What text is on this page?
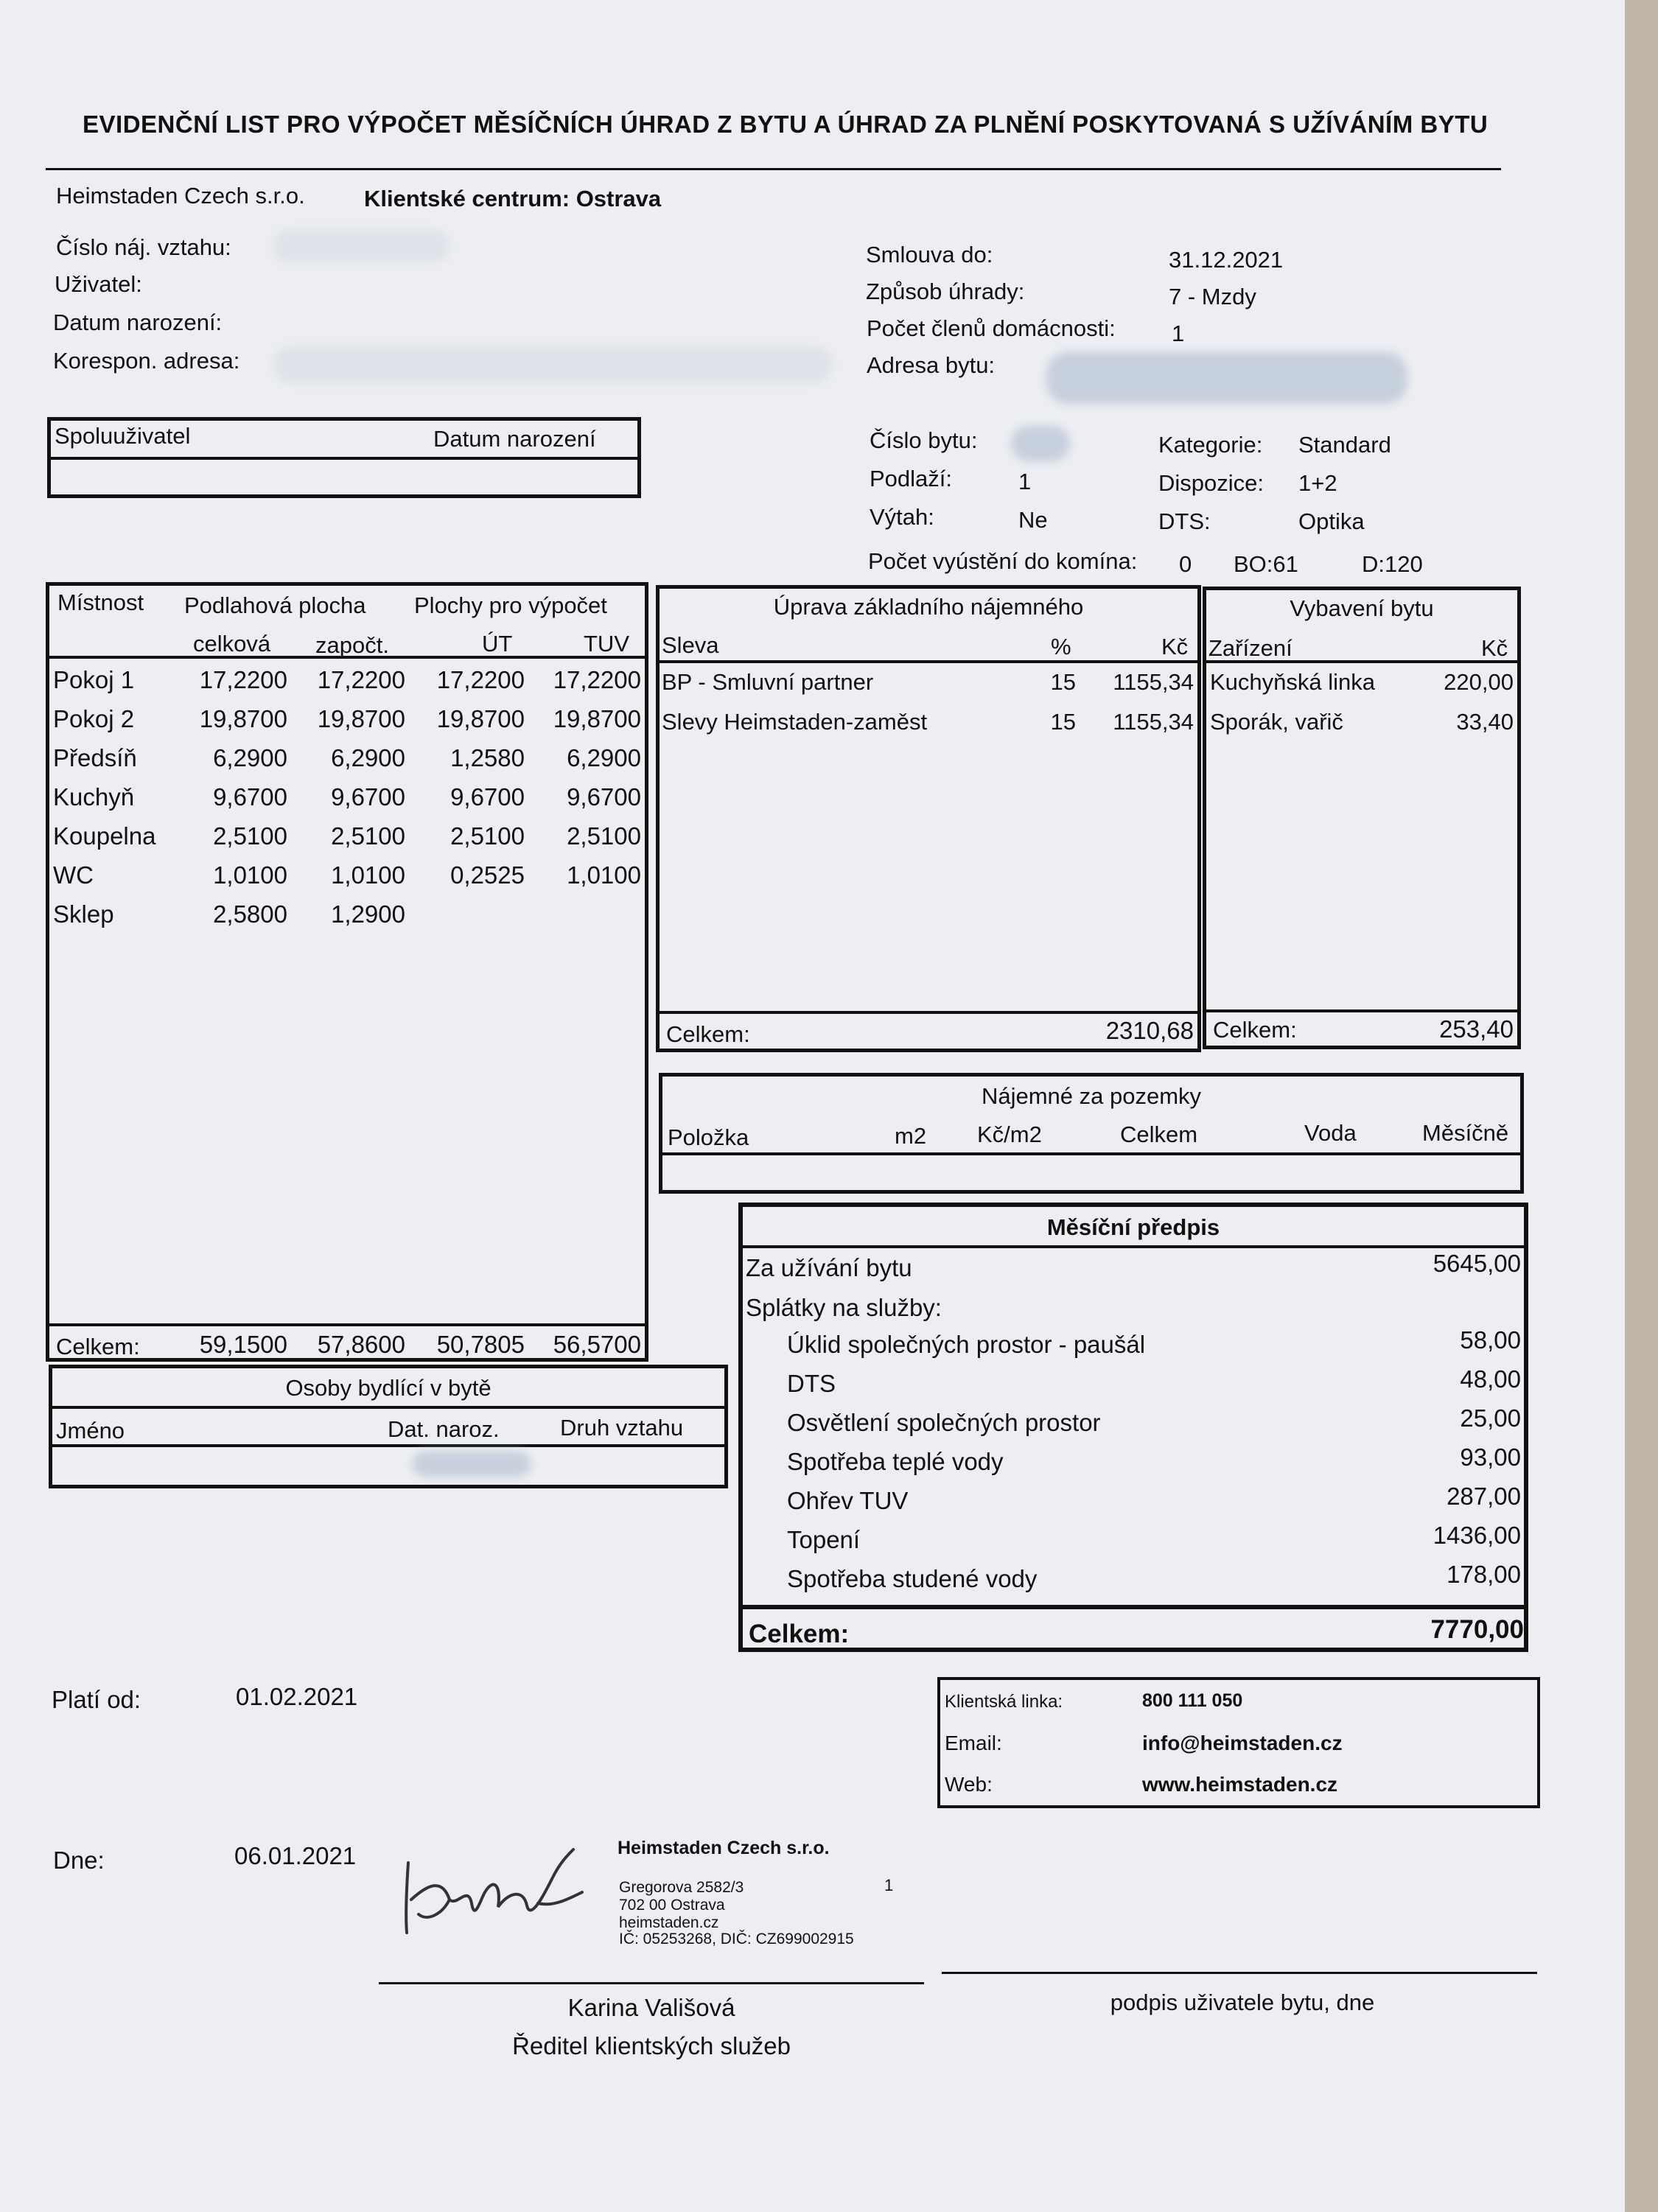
EVIDENČNÍ LIST PRO VÝPOČET MĚSÍČNÍCH ÚHRAD Z BYTU A ÚHRAD ZA PLNĚNÍ POSKYTOVANÁ S UŽÍVÁNÍM BYTU
Heimstaden Czech s.r.o.	Klientské centrum: Ostrava
Číslo náj. vztahu:
Uživatel:
Datum narození:
Korespon. adresa:
Smlouva do:	31.12.2021
Způsob úhrady:	7 - Mzdy
Počet členů domácnosti: 1
Adresa bytu:
Spoluuživatel	Datum narození	Číslo bytu:	Kategorie: Standard
Podlaží:	1	Dispozice: 1+2
Výtah:	Ne	DTS:	Optika
Počet vyústění do komína: 0 BO:61	D:120
Místnost Podlahová plocha Plochy pro výpočet
celková započt.	ÚT	TUV
Pokoj 1	17,2200	17,2200	17,2200	17,2200
Pokoj 2	19,8700	19,8700	19,8700	19,8700
Předsíň	6,2900	6,2900	1,2580	6,2900
Kuchyň	9,6700	9,6700	9,6700	9,6700
Koupelna	2,5100	2,5100	2,5100	2,5100
WC	1,0100	1,0100	0,2525	1,0100
Sklep	2,5800	1,2900
Celkem:	59,1500	57,8600	50,7805	56,5700
Úprava základního nájemného
Sleva	%	Kč
BP - Smluvní partner	15	1155,34
Slevy Heimstaden-zaměst	15	1155,34
Celkem:	2310,68
Vybavení bytu
Zařízení	Kč
Kuchyňská linka	220,00
Sporák, vařič	33,40
Celkem:	253,40
Nájemné za pozemky
Položka	m2 Kč/m2	Celkem	Voda	Měsíčně
Osoby bydlící v bytě
Jméno	Dat. naroz.	Druh vztahu
Měsíční předpis
Za užívání bytu	5645,00
Splátky na služby:
Úklid společných prostor - paušál	58,00
DTS	48,00
Osvětlení společných prostor	25,00
Spotřeba teplé vody	93,00
Ohřev TUV	287,00
Topení	1436,00
Spotřeba studené vody	178,00
Celkem:	7770,00
Platí od:	01.02.2021
Dne:	06.01.2021
Klientská linka:	800 111 050
Email:	info@heimstaden.cz
Web:	www.heimstaden.cz
Heimstaden Czech s.r.o.
Gregorova 2582/3
702 00 Ostrava
heimstaden.cz
IČ: 05253268, DIČ: CZ699002915
1
Karina Vališová
Ředitel klientských služeb
podpis uživatele bytu, dne
